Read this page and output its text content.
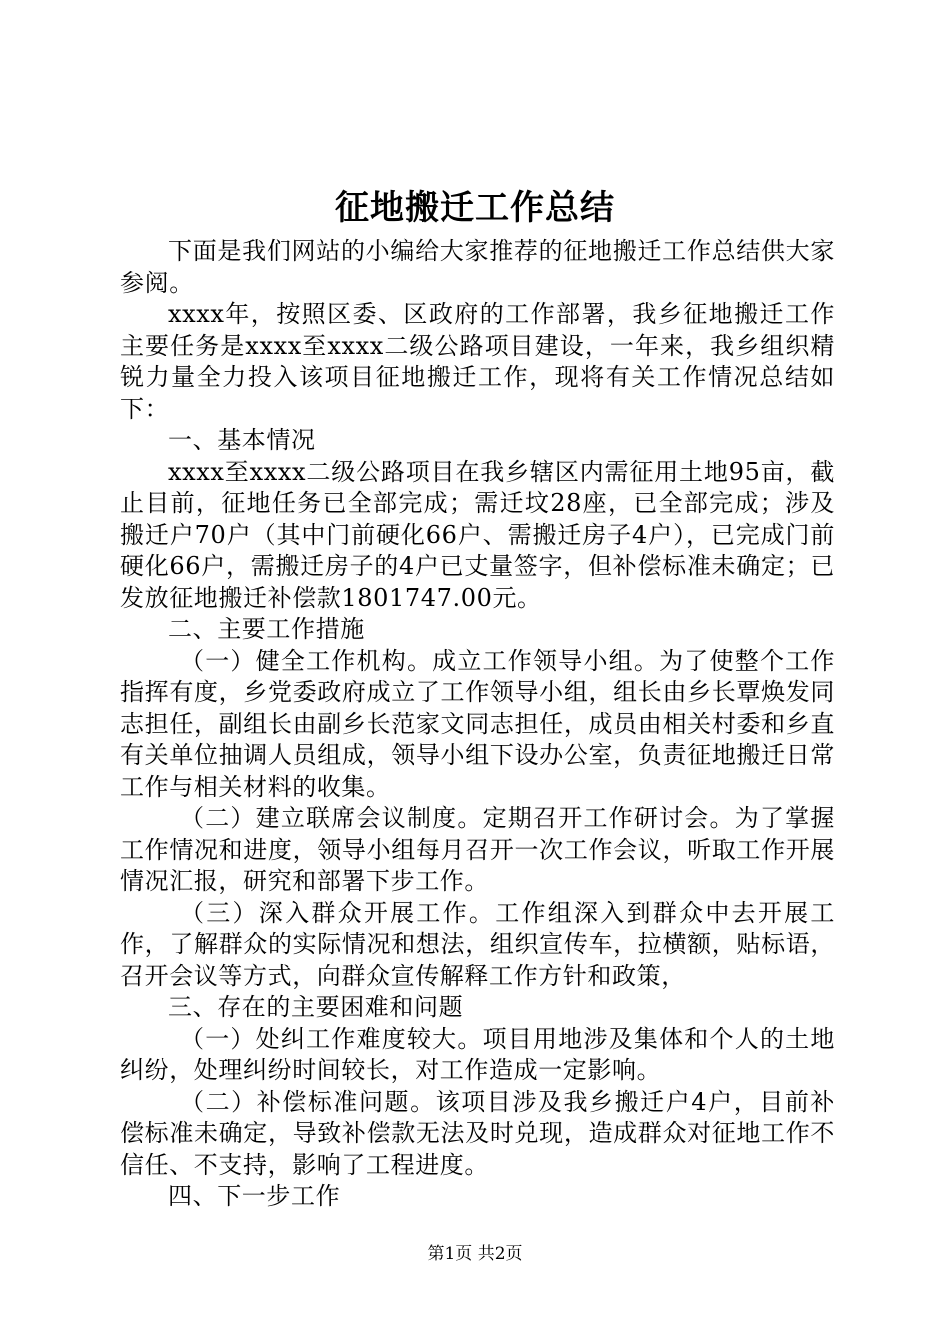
征地搬迁工作总结

下面是我们网站的小编给大家推荐的征地搬迁工作总结供大家参阅。

xxxx年，按照区委、区政府的工作部署，我乡征地搬迁工作主要任务是xxxx至xxxx二级公路项目建设，一年来，我乡组织精锐力量全力投入该项目征地搬迁工作，现将有关工作情况总结如下：

一、基本情况

xxxx至xxxx二级公路项目在我乡辖区内需征用土地95亩，截止目前，征地任务已全部完成；需迁坟28座，已全部完成；涉及搬迁户70户（其中门前硬化66户、需搬迁房子4户），已完成门前硬化66户，需搬迁房子的4户已丈量签字，但补偿标准未确定；已发放征地搬迁补偿款1801747.00元。

二、主要工作措施

（一）健全工作机构。成立工作领导小组。为了使整个工作指挥有度，乡党委政府成立了工作领导小组，组长由乡长覃焕发同志担任，副组长由副乡长范家文同志担任，成员由相关村委和乡直有关单位抽调人员组成，领导小组下设办公室，负责征地搬迁日常工作与相关材料的收集。

（二）建立联席会议制度。定期召开工作研讨会。为了掌握工作情况和进度，领导小组每月召开一次工作会议，听取工作开展情况汇报，研究和部署下步工作。

（三）深入群众开展工作。工作组深入到群众中去开展工作，了解群众的实际情况和想法，组织宣传车，拉横额，贴标语，召开会议等方式，向群众宣传解释工作方针和政策，

三、存在的主要困难和问题

（一）处纠工作难度较大。项目用地涉及集体和个人的土地纠纷，处理纠纷时间较长，对工作造成一定影响。

（二）补偿标准问题。该项目涉及我乡搬迁户4户，目前补偿标准未确定，导致补偿款无法及时兑现，造成群众对征地工作不信任、不支持，影响了工程进度。

四、下一步工作

第1页 共2页
